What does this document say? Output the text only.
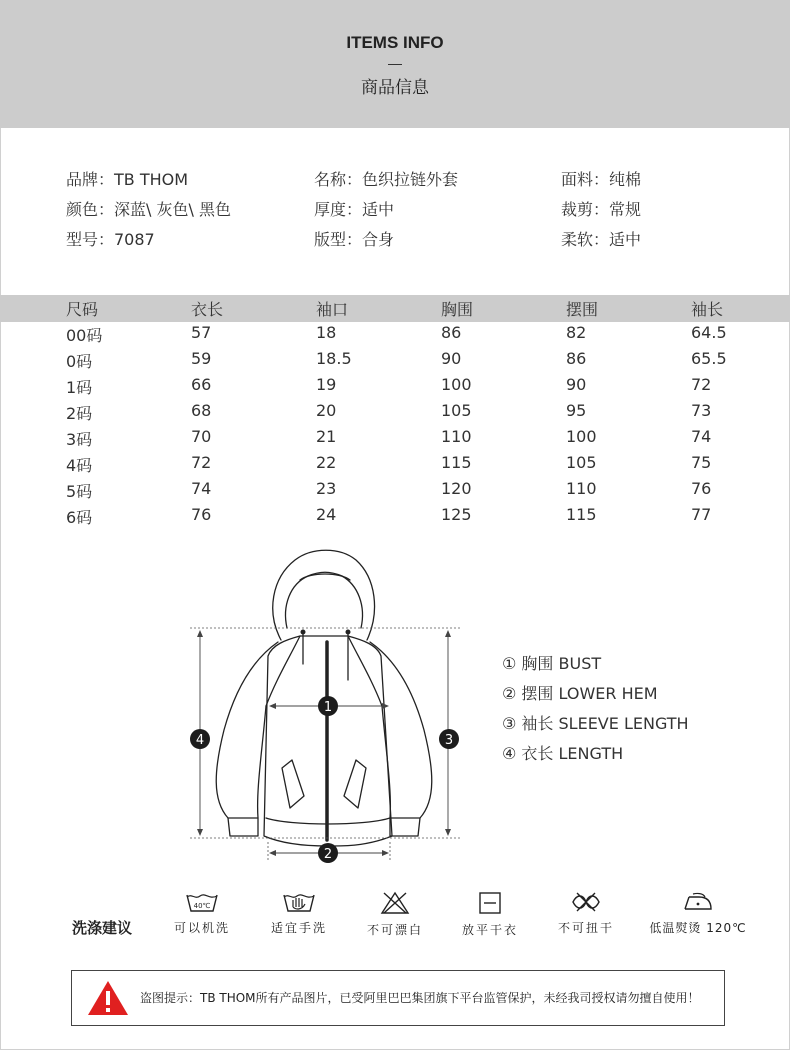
ITEMS INFO
商品信息
品牌：TB THOM	名称：色织拉链外套	面料：纯棉
颜色：深蓝\ 灰色\ 黑色	厚度：适中	裁剪：常规
型号：7087	版型：合身	柔软：适中
尺码	衣长	袖口	胸围	摆围	袖长
00码	57	18	86	82	64.5
0码	59	18.5	90	86	65.5
1码	66	19	100	90	72
2码	68	20	105	95	73
3码	70	21	110	100	74
4码	72	22	115	105	75
5码	74	23	120	110	76
6码	76	24	125	115	77
1
2
3
4
① 胸围 BUST
② 摆围 LOWER HEM
③ 袖长 SLEEVE LENGTH
④ 衣长 LENGTH
洗涤建议
40℃
可以机洗	适宜手洗	不可漂白	放平干衣	不可扭干	低温熨烫 120℃
盗图提示：TB THOM所有产品图片，已受阿里巴巴集团旗下平台监管保护，未经我司授权请勿擅自使用！
